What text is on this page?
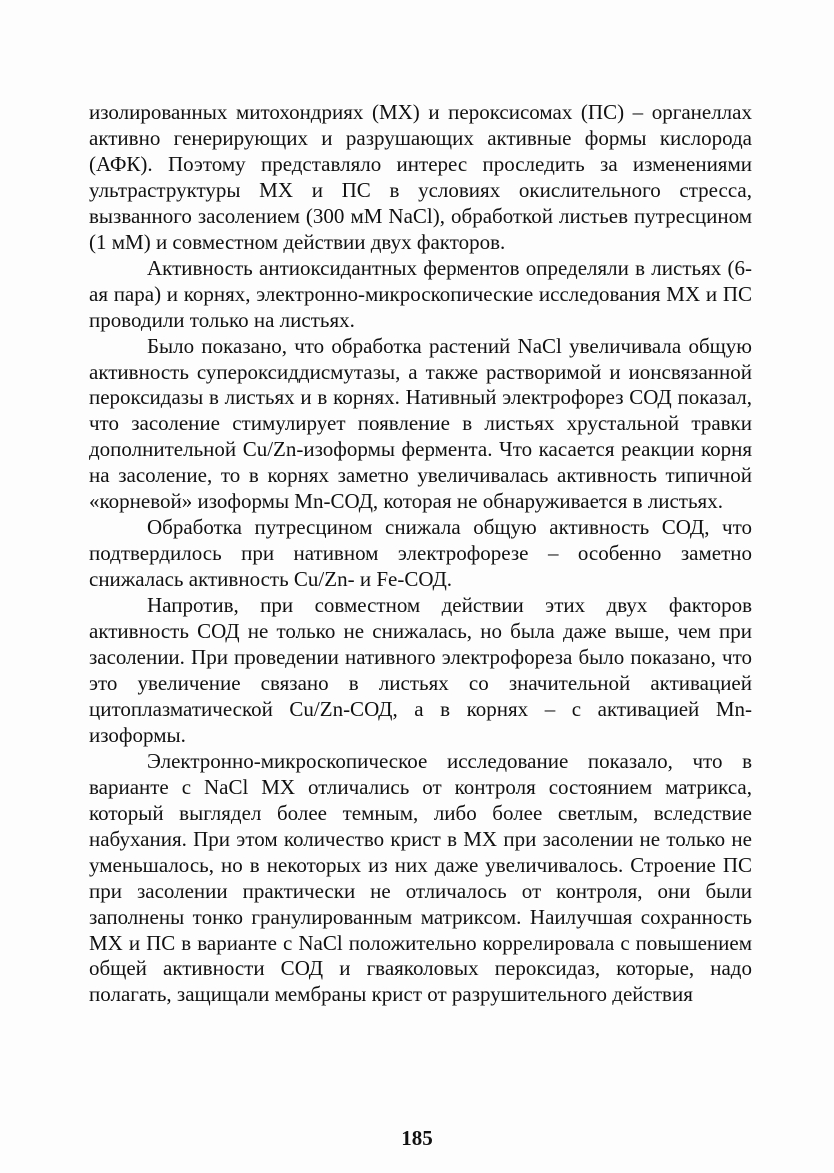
изолированных митохондриях (МХ) и пероксисомах (ПС) – органеллах активно генерирующих и разрушающих активные формы кислорода (АФК). Поэтому представляло интерес проследить за изменениями ультраструктуры МХ и ПС в условиях окислительного стресса, вызванного засолением (300 мМ NaCl), обработкой листьев путресцином (1 мМ) и совместном действии двух факторов.

Активность антиоксидантных ферментов определяли в листьях (6-ая пара) и корнях, электронно-микроскопические исследования МХ и ПС проводили только на листьях.

Было показано, что обработка растений NaCl увеличивала общую активность супероксиддисмутазы, а также растворимой и ионсвязанной пероксидазы в листьях и в корнях. Нативный электрофорез СОД показал, что засоление стимулирует появление в листьях хрустальной травки дополнительной Cu/Zn-изоформы фермента. Что касается реакции корня на засоление, то в корнях заметно увеличивалась активность типичной «корневой» изоформы Mn-СОД, которая не обнаруживается в листьях.

Обработка путресцином снижала общую активность СОД, что подтвердилось при нативном электрофорезе – особенно заметно снижалась активность Cu/Zn- и Fe-СОД.

Напротив, при совместном действии этих двух факторов активность СОД не только не снижалась, но была даже выше, чем при засолении. При проведении нативного электрофореза было показано, что это увеличение связано в листьях со значительной активацией цитоплазматической Cu/Zn-СОД, а в корнях – с активацией Mn-изоформы.

Электронно-микроскопическое исследование показало, что в варианте с NaCl МХ отличались от контроля состоянием матрикса, который выглядел более темным, либо более светлым, вследствие набухания. При этом количество крист в МХ при засолении не только не уменьшалось, но в некоторых из них даже увеличивалось. Строение ПС при засолении практически не отличалось от контроля, они были заполнены тонко гранулированным матриксом. Наилучшая сохранность МХ и ПС в варианте с NaCl положительно коррелировала с повышением общей активности СОД и гваяколовых пероксидаз, которые, надо полагать, защищали мембраны крист от разрушительного действия

185
